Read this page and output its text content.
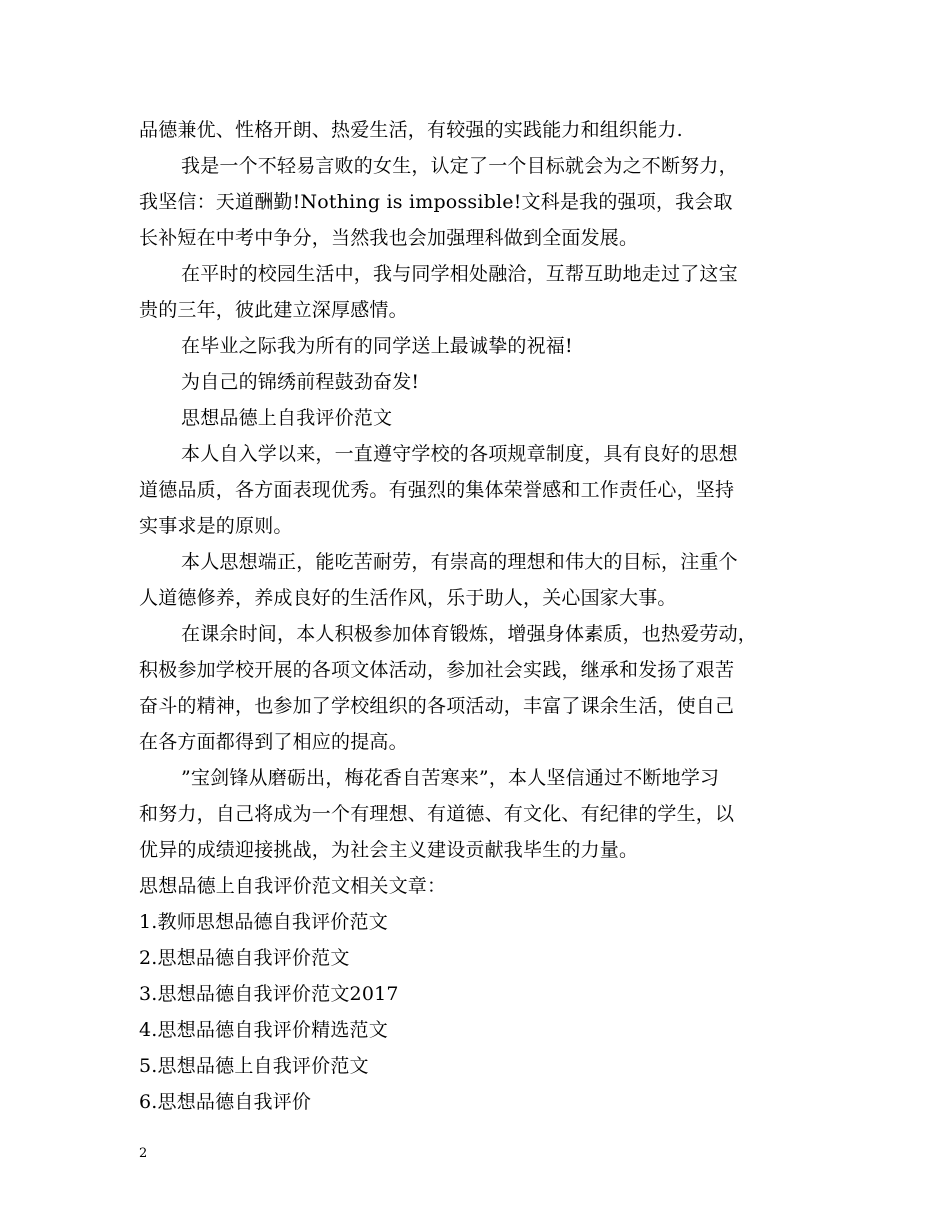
品德兼优、性格开朗、热爱生活，有较强的实践能力和组织能力.
我是一个不轻易言败的女生，认定了一个目标就会为之不断努力，
我坚信：天道酬勤!Nothing is impossible!文科是我的强项，我会取
长补短在中考中争分，当然我也会加强理科做到全面发展。
在平时的校园生活中，我与同学相处融洽，互帮互助地走过了这宝
贵的三年，彼此建立深厚感情。
在毕业之际我为所有的同学送上最诚挚的祝福!
为自己的锦绣前程鼓劲奋发!
思想品德上自我评价范文
本人自入学以来，一直遵守学校的各项规章制度，具有良好的思想
道德品质，各方面表现优秀。有强烈的集体荣誉感和工作责任心，坚持
实事求是的原则。
本人思想端正，能吃苦耐劳，有崇高的理想和伟大的目标，注重个
人道德修养，养成良好的生活作风，乐于助人，关心国家大事。
在课余时间，本人积极参加体育锻炼，增强身体素质，也热爱劳动，
积极参加学校开展的各项文体活动，参加社会实践，继承和发扬了艰苦
奋斗的精神，也参加了学校组织的各项活动，丰富了课余生活，使自己
在各方面都得到了相应的提高。
”宝剑锋从磨砺出，梅花香自苦寒来”，本人坚信通过不断地学习
和努力，自己将成为一个有理想、有道德、有文化、有纪律的学生，以
优异的成绩迎接挑战，为社会主义建设贡献我毕生的力量。
思想品德上自我评价范文相关文章：
1.教师思想品德自我评价范文
2.思想品德自我评价范文
3.思想品德自我评价范文2017
4.思想品德自我评价精选范文
5.思想品德上自我评价范文
6.思想品德自我评价
2
